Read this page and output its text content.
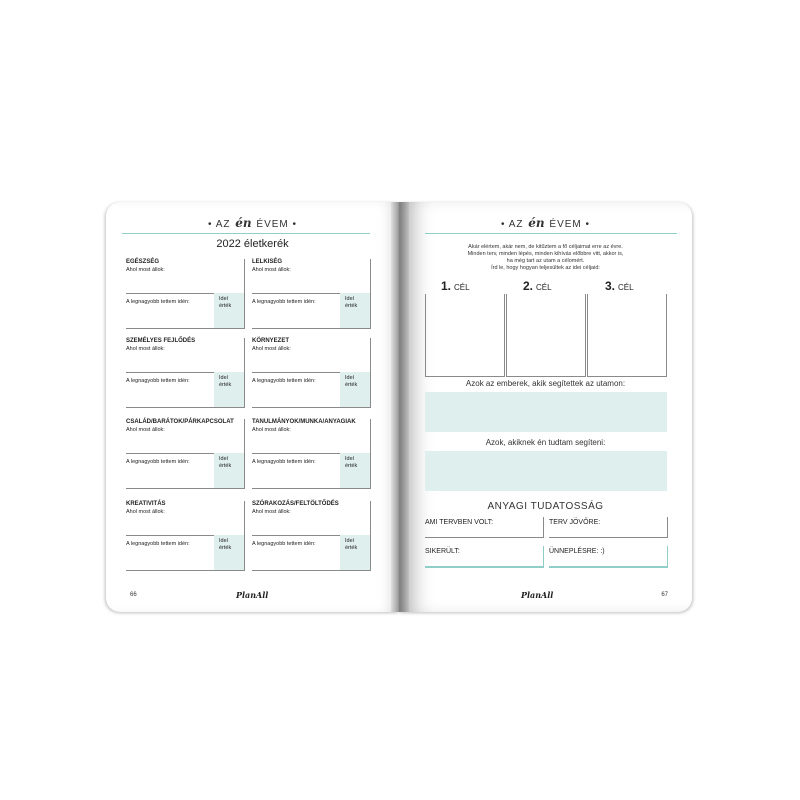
• AZ én ÉVEM •
2022 életkerék
EGÉSZSÉG
Ahol most állok:
A legnagyobb tettem idén:	Ideí érték
LELKISÉG
Ahol most állok:
A legnagyobb tettem idén:	Ideí érték
SZEMÉLYES FEJLŐDÉS
Ahol most állok:
A legnagyobb tettem idén:	Ideí érték
KÖRNYEZET
Ahol most állok:
A legnagyobb tettem idén:	Ideí érték
CSALÁD/BARÁTOK/PÁRKAPCSOLAT
Ahol most állok:
A legnagyobb tettem idén:	Ideí érték
TANULMÁNYOK/MUNKA/ANYAGIAK
Ahol most állok:
A legnagyobb tettem idén:	Ideí érték
KREATIVITÁS
Ahol most állok:
A legnagyobb tettem idén:	Ideí érték
SZÓRAKOZÁS/FELTÖLTŐDÉS
Ahol most állok:
A legnagyobb tettem idén:	Ideí érték
66	PlanAll
• AZ én ÉVEM •
Akár elértem, akár nem, de kitűztem a fő céljaimat erre az évre.
Minden terv, minden lépés, minden kihívás előbbre vitt, akkor is,
ha még tart az utam a célomért.
Írd le, hogy hogyan teljesültek az idei céljaid:
1. CÉL	2. CÉL	3. CÉL
Azok az emberek, akik segítettek az utamon:
Azok, akiknek én tudtam segíteni:
ANYAGI TUDATOSSÁG
AMI TERVBEN VOLT:	TERV JÖVŐRE:
SIKERÜLT:	ÜNNEPLÉSRE: :)
PlanAll	67
